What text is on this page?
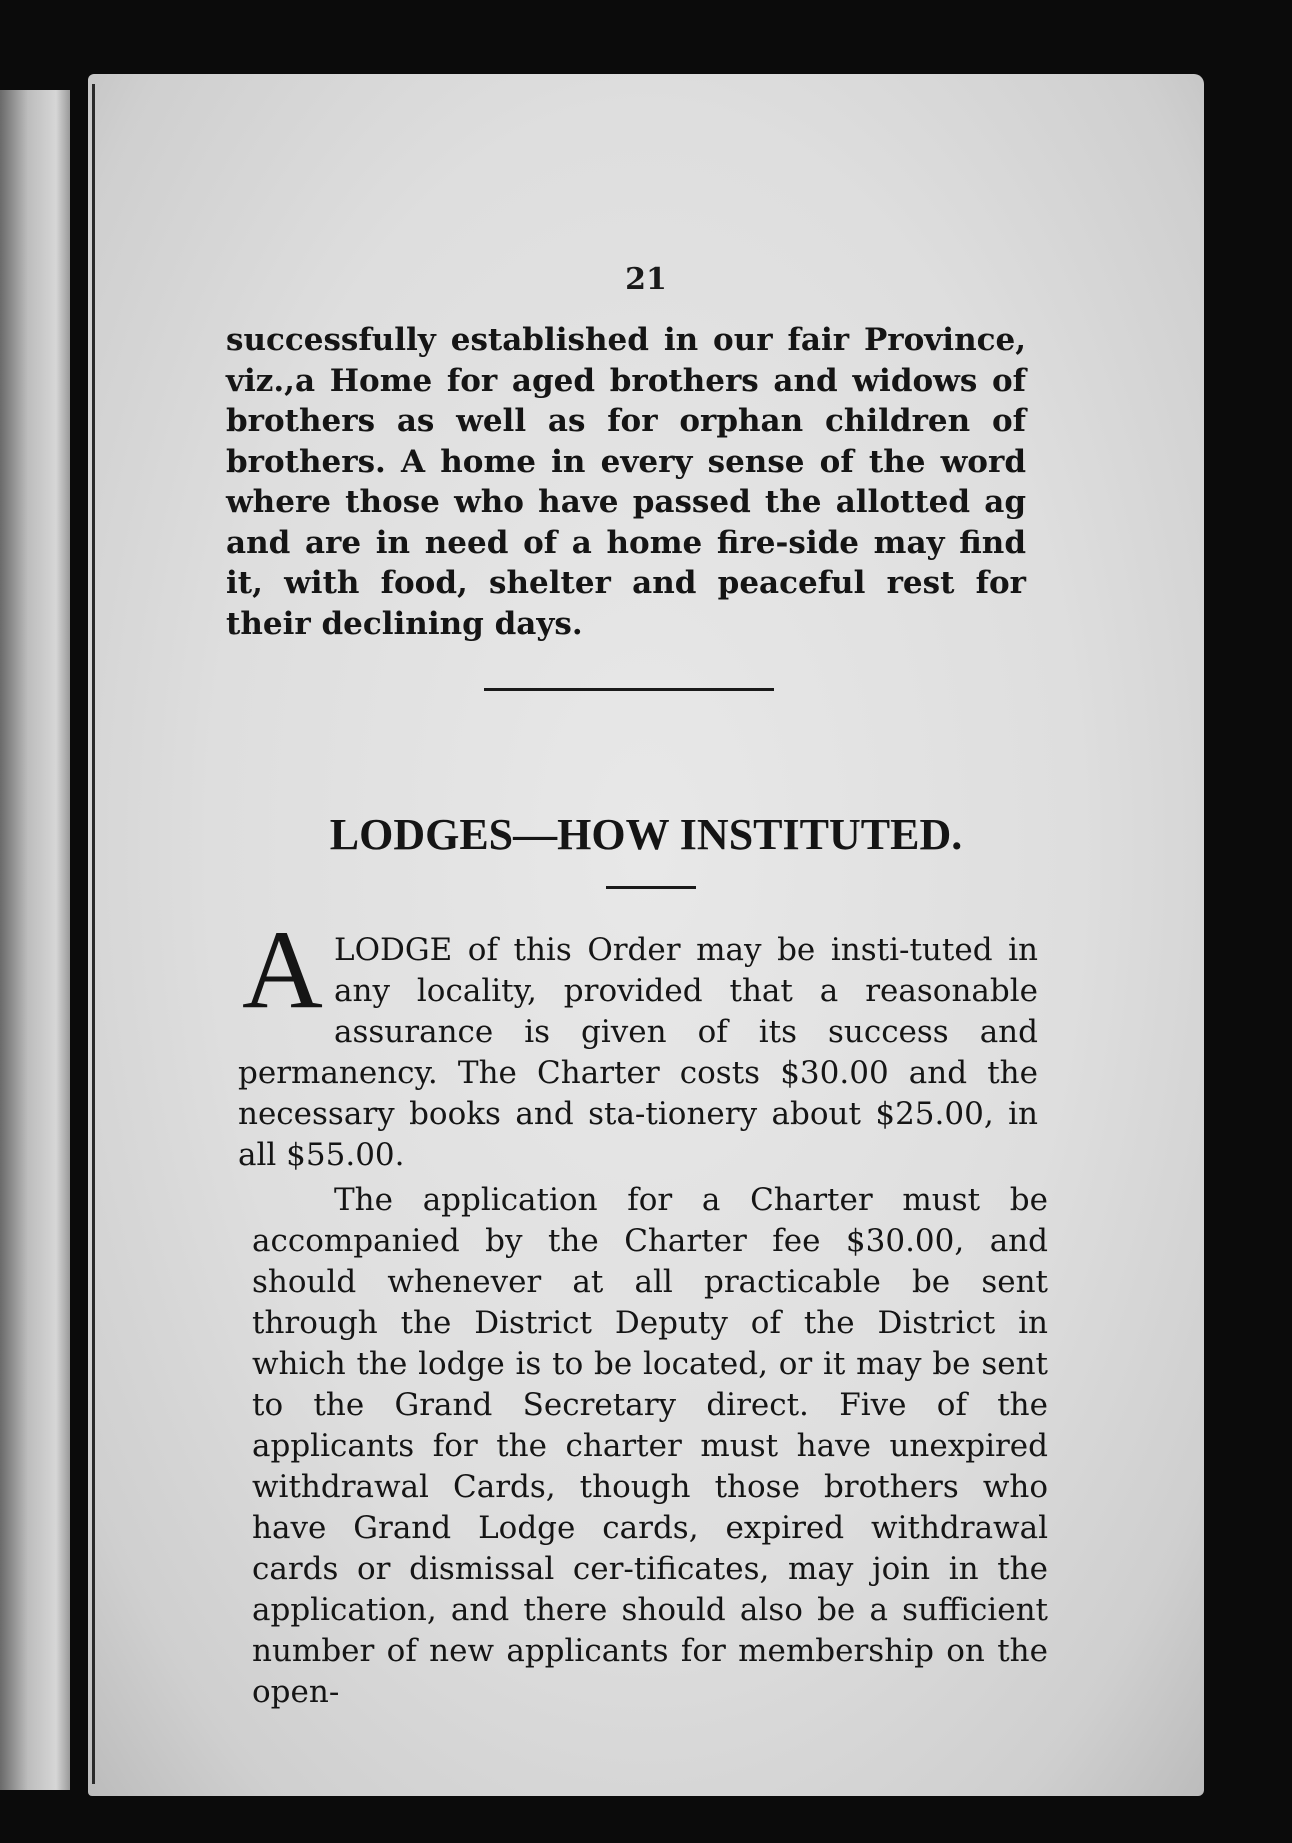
21

successfully established in our fair Province, viz.,a Home for aged brothers and widows of brothers as well as for orphan children of brothers. A home in every sense of the word where those who have passed the allotted ag and are in need of a home fire-side may find it, with food, shelter and peaceful rest for their declining days.

LODGES—HOW INSTITUTED.
A LODGE of this Order may be insti-tuted in any locality, provided that a reasonable assurance is given of its success and permanency. The Charter costs $30.00 and the necessary books and sta-tionery about $25.00, in all $55.00.

The application for a Charter must be accompanied by the Charter fee $30.00, and should whenever at all practicable be sent through the District Deputy of the District in which the lodge is to be located, or it may be sent to the Grand Secretary direct. Five of the applicants for the charter must have unexpired withdrawal Cards, though those brothers who have Grand Lodge cards, expired withdrawal cards or dismissal cer-tificates, may join in the application, and there should also be a sufficient number of new applicants for membership on the open-
